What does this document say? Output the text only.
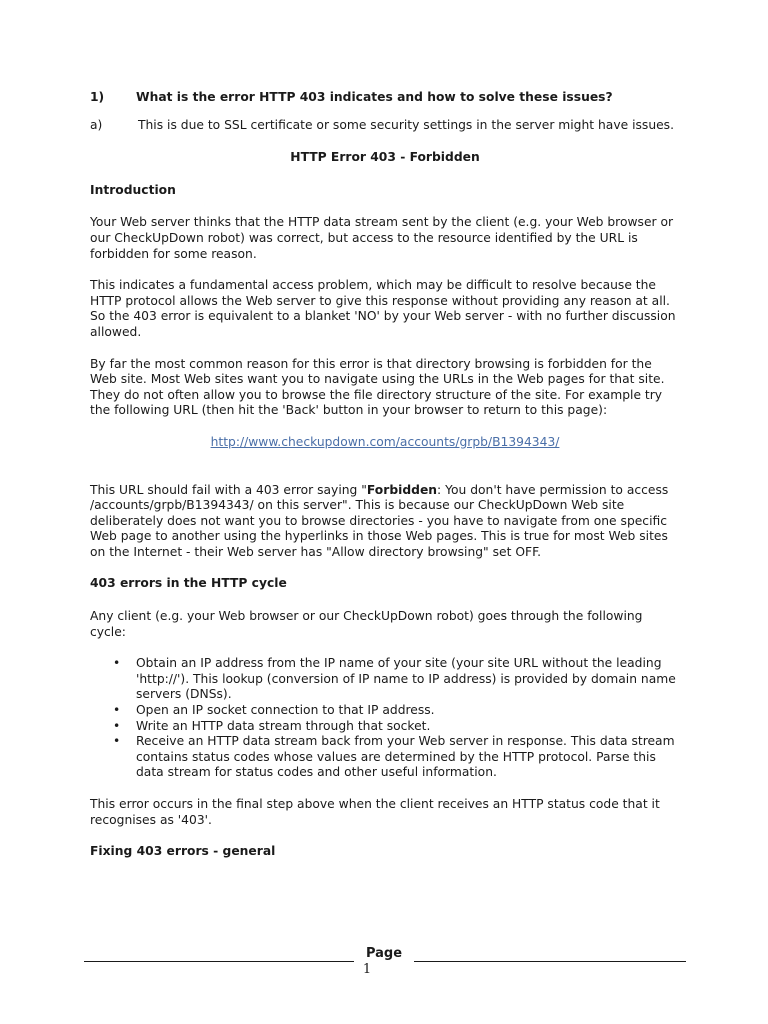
1)	What is the error HTTP 403 indicates and how to solve these issues?

a)	This is due to SSL certificate or some security settings in the server might have issues.

HTTP Error 403 - Forbidden

Introduction

Your Web server thinks that the HTTP data stream sent by the client (e.g. your Web browser or our CheckUpDown robot) was correct, but access to the resource identified by the URL is forbidden for some reason.

This indicates a fundamental access problem, which may be difficult to resolve because the HTTP protocol allows the Web server to give this response without providing any reason at all. So the 403 error is equivalent to a blanket 'NO' by your Web server - with no further discussion allowed.

By far the most common reason for this error is that directory browsing is forbidden for the Web site. Most Web sites want you to navigate using the URLs in the Web pages for that site. They do not often allow you to browse the file directory structure of the site. For example try the following URL (then hit the 'Back' button in your browser to return to this page):

http://www.checkupdown.com/accounts/grpb/B1394343/

This URL should fail with a 403 error saying "Forbidden: You don't have permission to access /accounts/grpb/B1394343/ on this server". This is because our CheckUpDown Web site deliberately does not want you to browse directories - you have to navigate from one specific Web page to another using the hyperlinks in those Web pages. This is true for most Web sites on the Internet - their Web server has "Allow directory browsing" set OFF.

403 errors in the HTTP cycle

Any client (e.g. your Web browser or our CheckUpDown robot) goes through the following cycle:

• Obtain an IP address from the IP name of your site (your site URL without the leading 'http://'). This lookup (conversion of IP name to IP address) is provided by domain name servers (DNSs).
• Open an IP socket connection to that IP address.
• Write an HTTP data stream through that socket.
• Receive an HTTP data stream back from your Web server in response. This data stream contains status codes whose values are determined by the HTTP protocol. Parse this data stream for status codes and other useful information.

This error occurs in the final step above when the client receives an HTTP status code that it recognises as '403'.

Fixing 403 errors - general

Page
1
